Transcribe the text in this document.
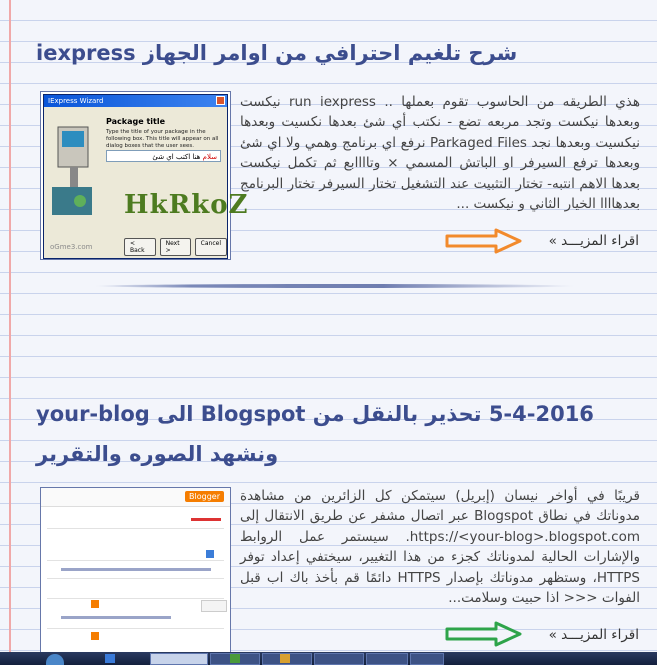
شرح تلغيم احترافي من اوامر الجهاز iexpress
IExpress Wizard
Package title
Type the title of your package in the following box. This title will appear on all dialog boxes that the user sees.
سلام هنا اكتب اي شئ
HkRkoZ
oGme3.com	< Back
Next >
Cancel
هذي الطريقه من الحاسوب تقوم بعملها .. run iexpress نيكست وبعدها نيكست وتجد مربعه تضع - نكتب أي شئ بعدها نكسيت وبعدها نيكسيت وبعدها نجد Parkaged Files نرفع اي برنامج وهمي ولا اي شئ وبعدها ترفع السيرفر او الباتش المسمي × وتاااابع ثم تكمل نيكست بعدها الاهم انتبه- تختار التثبيت عند التشغيل تختار السيرفر تختار البرنامج بعدهاااا الخيار الثاني و نيكست ...
اقراء المزيـــد »
5-4-2016 تحذير بالنقل من Blogspot الى your-blog
ونشهد الصوره والتقرير
Blogger قريبًا في أواخر نيسان (إبريل) سيتمكن كل الزائرين من مشاهدة مدوناتك في نطاق Blogspot عبر اتصال مشفر عن طريق الانتقال إلى https://<your-blog>.blogspot.com. سيستمر عمل الروابط والإشارات الحالية لمدوناتك كجزء من هذا التغيير، سيختفي إعداد توفر HTTPS، وستظهر مدوناتك بإصدار HTTPS دائمًا قم بأخذ باك اب قبل الفوات <<< اذا حبيت وسلامت...
اقراء المزيـــد »
